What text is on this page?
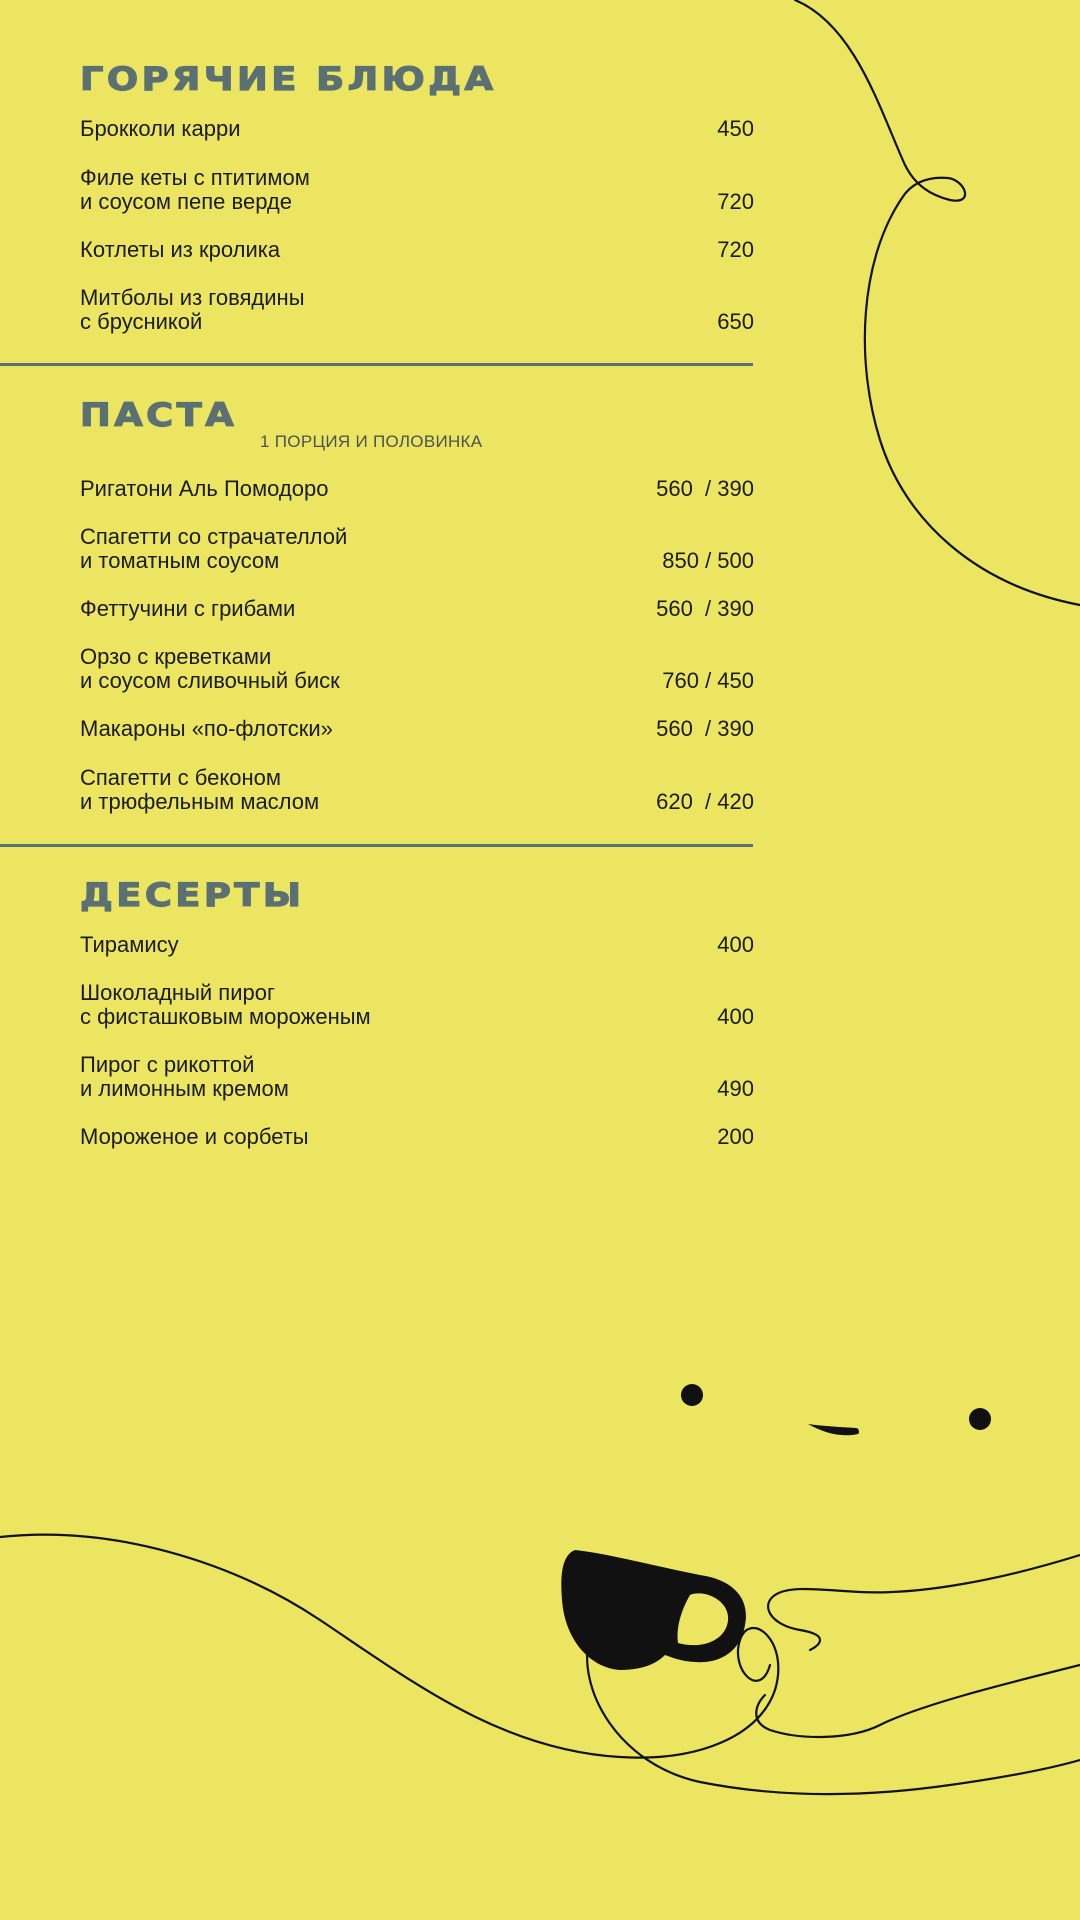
ГОРЯЧИЕ БЛЮДА
Брокколи карри	450
Филе кеты с птитимом
и соусом пепе верде	720
Котлеты из кролика	720
Митболы из говядины
с брусникой	650
ПАСТА
1 ПОРЦИЯ И ПОЛОВИНКА
Ригатони Аль Помодоро	560  / 390
Спагетти со страчателлой
и томатным соусом	850 / 500
Феттучини с грибами	560  / 390
Орзо с креветками
и соусом сливочный биск	760 / 450
Макароны «по-флотски»	560  / 390
Спагетти с беконом
и трюфельным маслом	620  / 420
ДЕСЕРТЫ
Тирамису	400
Шоколадный пирог
с фисташковым мороженым	400
Пирог с рикоттой
и лимонным кремом	490
Мороженое и сорбеты	200
